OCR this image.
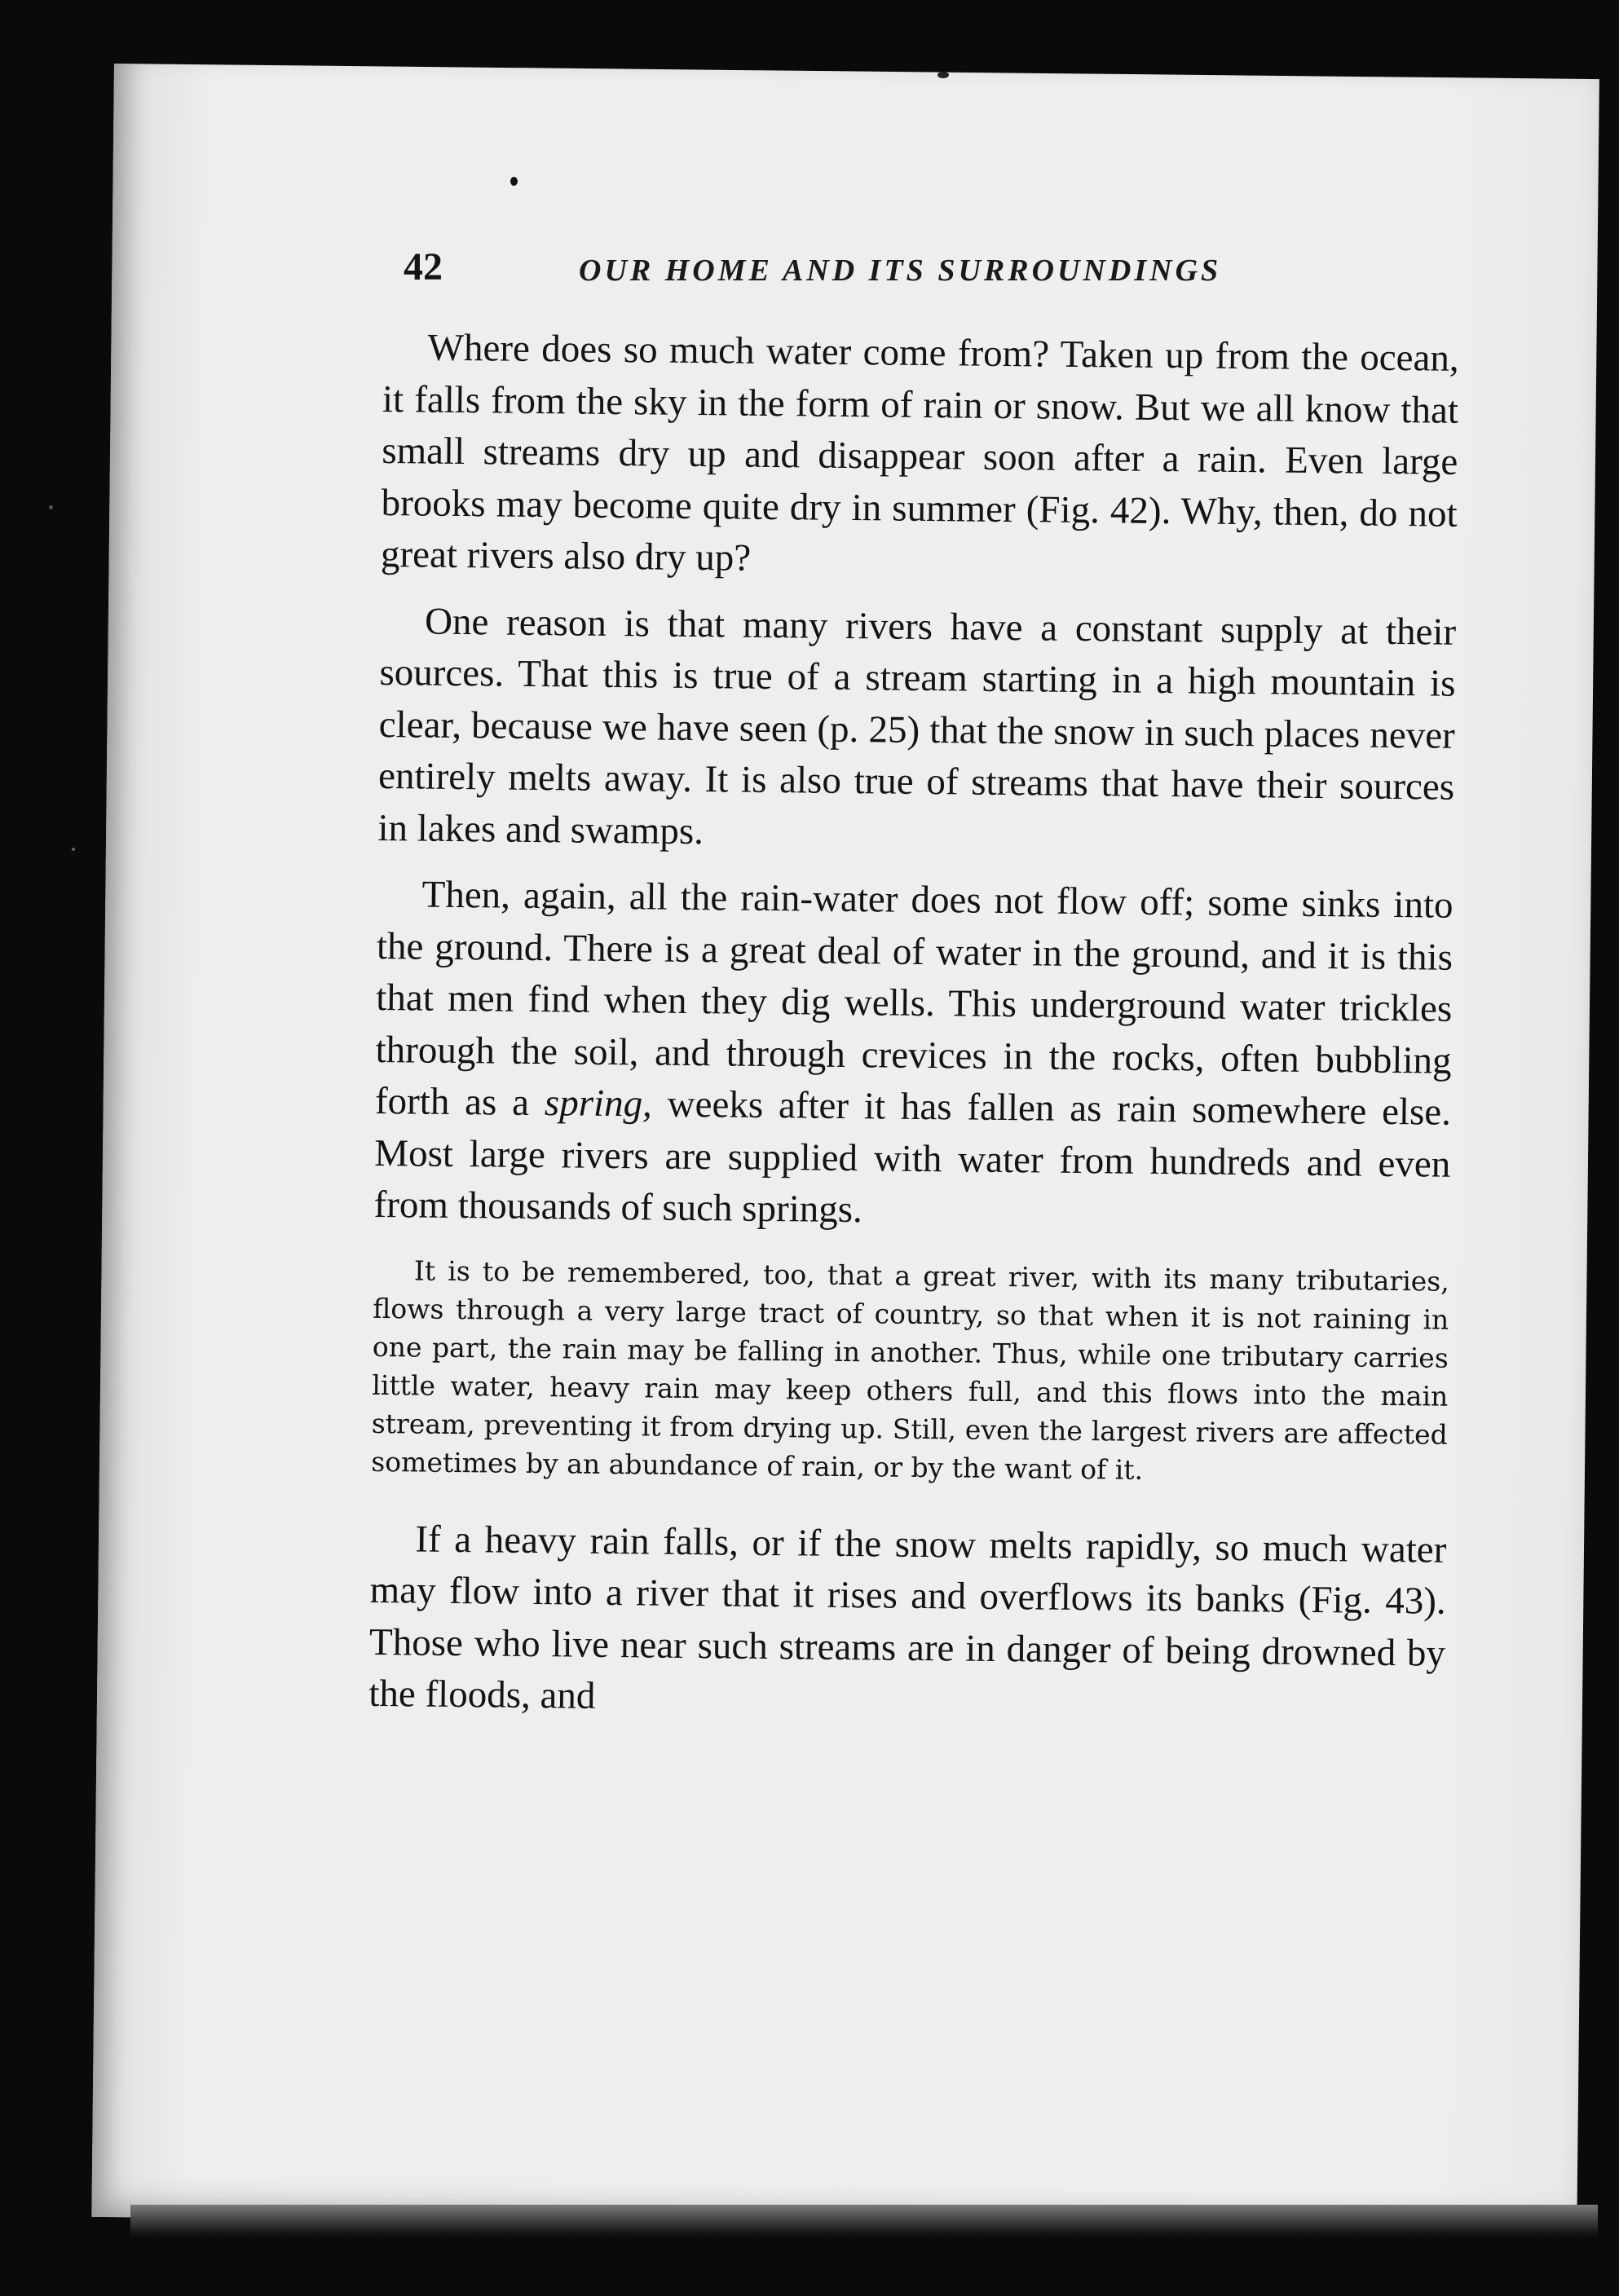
42	OUR HOME AND ITS SURROUNDINGS

Where does so much water come from? Taken up from the ocean, it falls from the sky in the form of rain or snow. But we all know that small streams dry up and disappear soon after a rain. Even large brooks may become quite dry in summer (Fig. 42). Why, then, do not great rivers also dry up?

One reason is that many rivers have a constant supply at their sources. That this is true of a stream starting in a high mountain is clear, because we have seen (p. 25) that the snow in such places never entirely melts away. It is also true of streams that have their sources in lakes and swamps.

Then, again, all the rain-water does not flow off; some sinks into the ground. There is a great deal of water in the ground, and it is this that men find when they dig wells. This underground water trickles through the soil, and through crevices in the rocks, often bubbling forth as a spring, weeks after it has fallen as rain somewhere else. Most large rivers are supplied with water from hundreds and even from thousands of such springs.

It is to be remembered, too, that a great river, with its many tributaries, flows through a very large tract of country, so that when it is not raining in one part, the rain may be falling in another. Thus, while one tributary carries little water, heavy rain may keep others full, and this flows into the main stream, preventing it from drying up. Still, even the largest rivers are affected sometimes by an abundance of rain, or by the want of it.

If a heavy rain falls, or if the snow melts rapidly, so much water may flow into a river that it rises and overflows its banks (Fig. 43). Those who live near such streams are in danger of being drowned by the floods, and
